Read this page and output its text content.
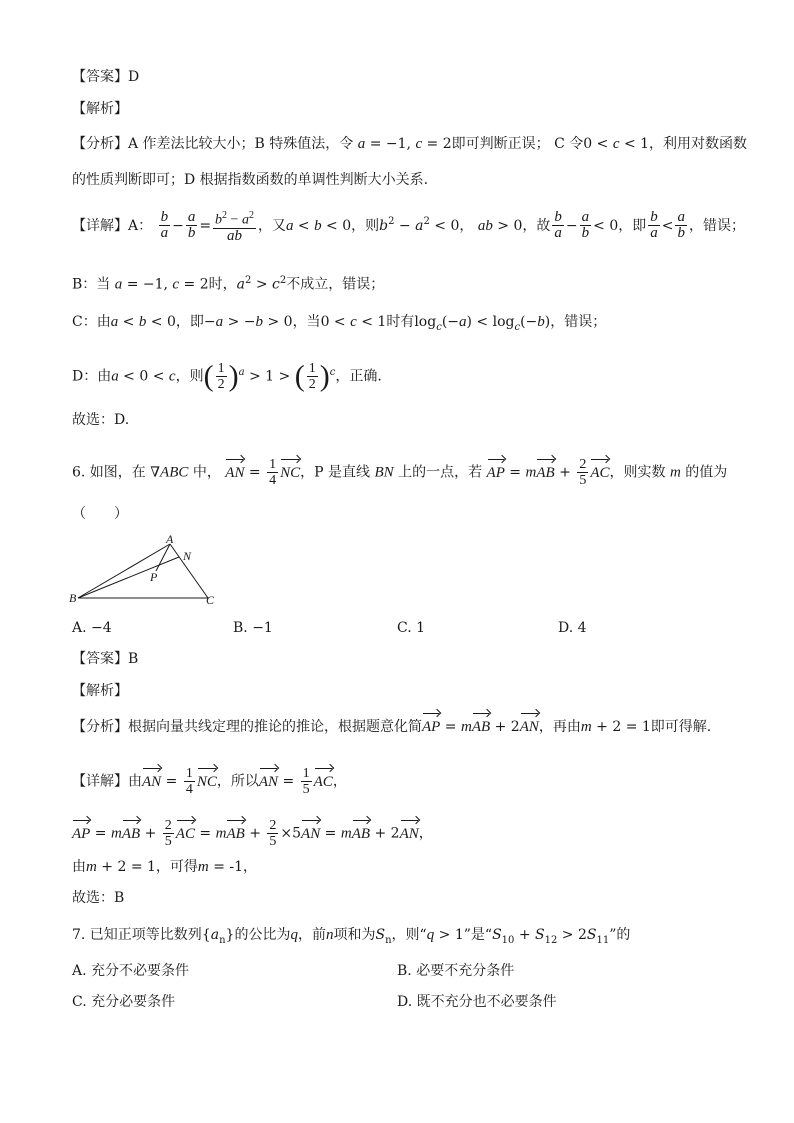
【答案】D
【解析】
【分析】A 作差法比较大小；B 特殊值法，令 a = −1, c = 2即可判断正误； C 令0 < c < 1，利用对数函数
的性质判断即可；D 根据指数函数的单调性判断大小关系.
【详解】A： $\frac{b}{a} - \frac{a}{b} = \frac{b^2 - a^2}{ab}$ ，又a < b < 0，则$b^2 - a^2 < 0$， ab > 0，故 $\frac{b}{a} - \frac{a}{b} < 0$，即 $\frac{b}{a} < \frac{a}{b}$ ，错误；
B：当 a = −1, c = 2时，$a^2 > c^2$不成立，错误；
C：由a < b < 0，即−a > −b > 0，当0 < c < 1时有$\log_c(-a) < \log_c(-b)$，错误；
D：由a < 0 < c，则( $\frac{1}{2} )^a > 1$ > ( $\frac{1}{2} )^c$，正确.
故选：D.
6. 如图，在 ∇ABC 中， AN = $\frac{1}{4}$ NC，P 是直线 BN 上的一点，若 AP = mAB + $\frac{2}{5}$ AC，则实数 m 的值为
（　　）
A
B	C
N
P
A. −4	B. −1	C. 1	D. 4
【答案】B
【解析】
【分析】根据向量共线定理的推论的推论，根据题意化简AP = mAB + 2AN，再由m + 2 = 1即可得解.
【详解】由AN = $\frac{1}{4}$ NC，所以AN = $\frac{1}{5}$ AC，
AP = mAB + $\frac{2}{5}$ AC = mAB + $\frac{2}{5} \times 5AN$ = mAB + 2AN，
由m + 2 = 1，可得m = -1，
故选：B
7. 已知正项等比数列$\{a_n\}$的公比为q，前n项和为$S_n$，则“q > 1”是“$S_{10} + S_{12} > 2S_{11}$”的
A. 充分不必要条件	B. 必要不充分条件
C. 充分必要条件	D. 既不充分也不必要条件
